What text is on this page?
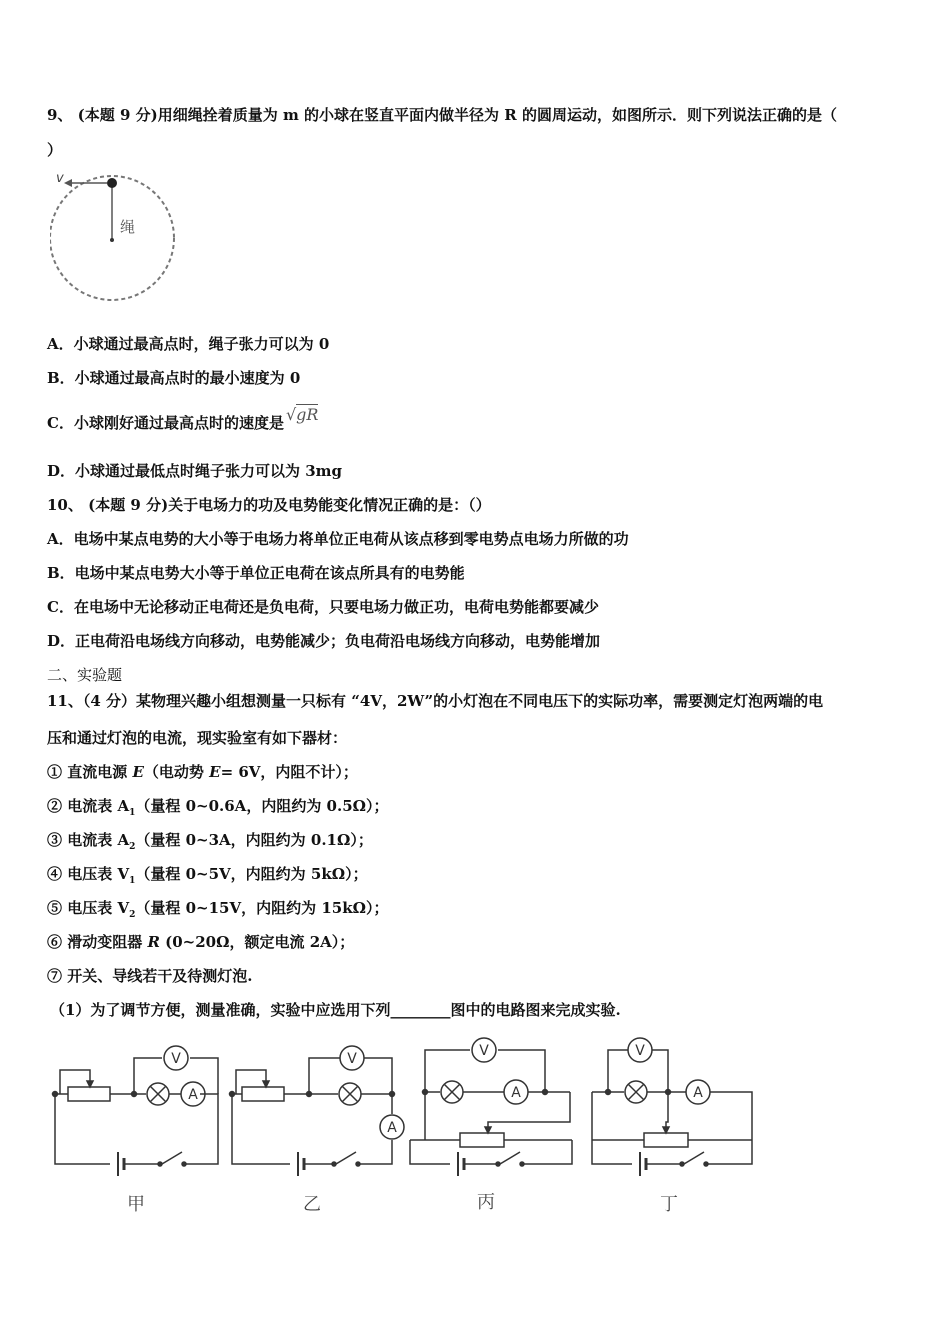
9、 (本题 9 分)用细绳拴着质量为 m 的小球在竖直平面内做半径为 R 的圆周运动，如图所示．则下列说法正确的是（
）
v
绳
A．小球通过最高点时，绳子张力可以为 0
B．小球通过最高点时的最小速度为 0
C．小球刚好通过最高点时的速度是 √gR
D．小球通过最低点时绳子张力可以为 3mg
10、 (本题 9 分)关于电场力的功及电势能变化情况正确的是：（）
A．电场中某点电势的大小等于电场力将单位正电荷从该点移到零电势点电场力所做的功
B．电场中某点电势大小等于单位正电荷在该点所具有的电势能
C．在电场中无论移动正电荷还是负电荷，只要电场力做正功，电荷电势能都要减少
D．正电荷沿电场线方向移动，电势能减少；负电荷沿电场线方向移动，电势能增加
二、实验题
11、（4 分）某物理兴趣小组想测量一只标有 “4V，2W”的小灯泡在不同电压下的实际功率，需要测定灯泡两端的电
压和通过灯泡的电流，现实验室有如下器材：
① 直流电源 E（电动势 E= 6V，内阻不计）；
② 电流表 $A_1$（量程 0~0.6A，内阻约为 0.5Ω）；
③ 电流表 $A_2$（量程 0~3A，内阻约为 0.1Ω）；
④ 电压表 $V_1$（量程 0~5V，内阻约为 5kΩ）；
⑤ 电压表 $V_2$（量程 0~15V，内阻约为 15kΩ）；
⑥ 滑动变阻器 R (0~20Ω，额定电流 2A）；
⑦ 开关、导线若干及待测灯泡.
（1）为了调节方便，测量准确，实验中应选用下列________图中的电路图来完成实验.
V
A
V
A
V
A
V
A
甲	乙	丙	丁
